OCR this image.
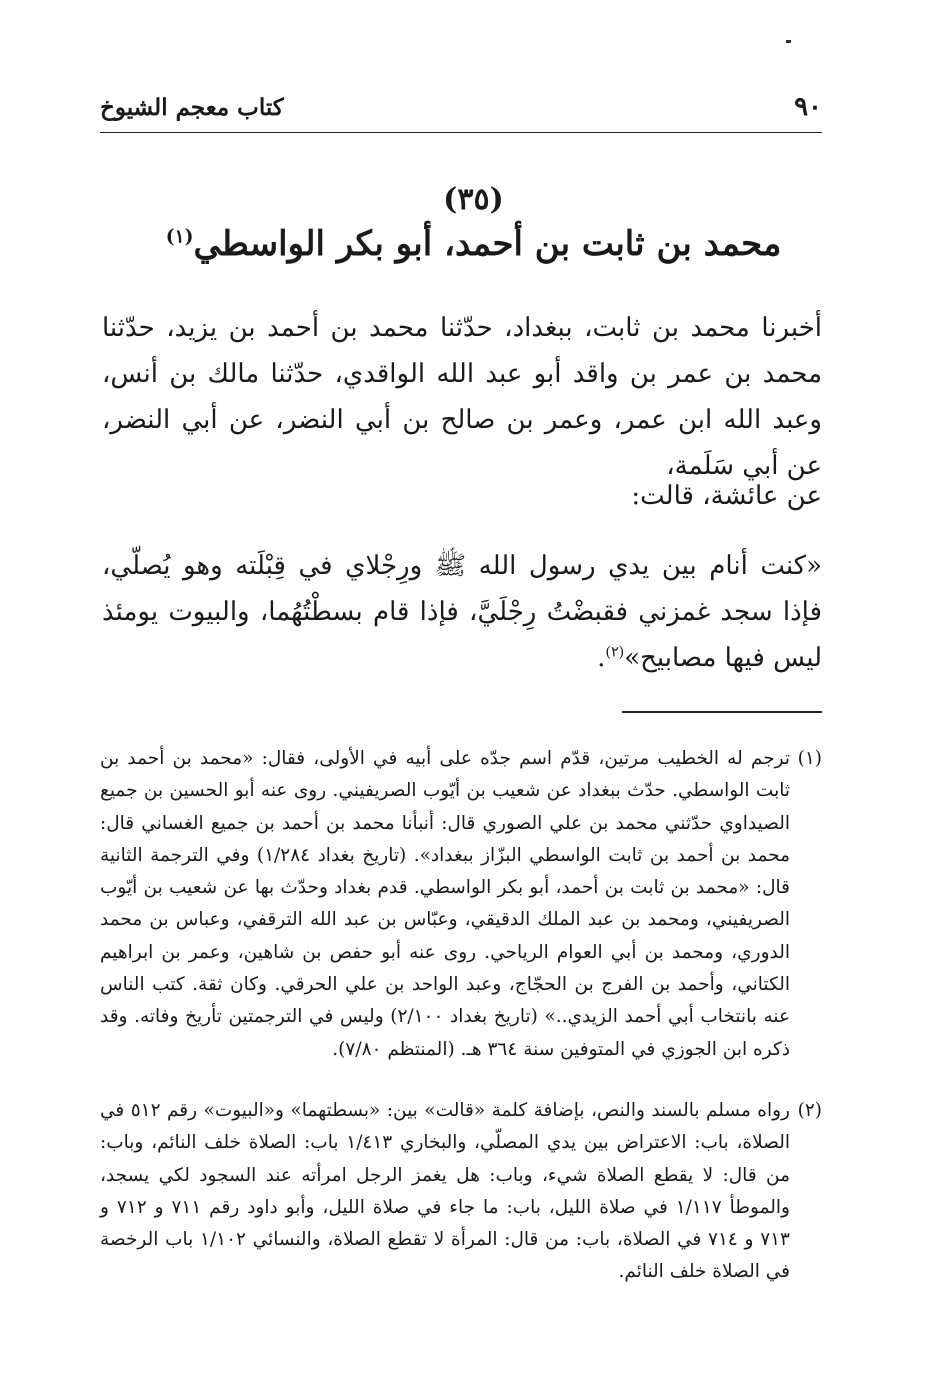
كتاب معجم الشيوخ	٩٠
(٣٥)
محمد بن ثابت بن أحمد، أبو بكر الواسطي$^{(١)}$

أخبرنا محمد بن ثابت، ببغداد، حدّثنا محمد بن أحمد بن يزيد، حدّثنا محمد بن عمر بن واقد أبو عبد الله الواقدي، حدّثنا مالك بن أنس، وعبد الله ابن عمر، وعمر بن صالح بن أبي النضر، عن أبي النضر، عن أبي سَلَمة،

عن عائشة، قالت:

«كنت أنام بين يدي رسول الله ﷺ ورِجْلاي في قِبْلَته وهو يُصلّي، فإذا سجد غمزني فقبضْتُ رِجْلَيَّ، فإذا قام بسطْتُهُما، والبيوت يومئذ ليس فيها مصابيح»$^{(٢)}$.

(١)
ترجم له الخطيب مرتين، قدّم اسم جدّه على أبيه في الأولى، فقال: «محمد بن أحمد بن ثابت الواسطي. حدّث ببغداد عن شعيب بن أيّوب الصريفيني. روى عنه أبو الحسين بن جميع الصيداوي حدّثني محمد بن علي الصوري قال: أنبأنا محمد بن أحمد بن جميع الغساني قال: محمد بن أحمد بن ثابت الواسطي البزّاز ببغداد». (تاريخ بغداد ١/٢٨٤) وفي الترجمة الثانية قال: «محمد بن ثابت بن أحمد، أبو بكر الواسطي. قدم بغداد وحدّث بها عن شعيب بن أيّوب الصريفيني، ومحمد بن عبد الملك الدقيقي، وعبّاس بن عبد الله الترقفي، وعباس بن محمد الدوري، ومحمد بن أبي العوام الرياحي. روى عنه أبو حفص بن شاهين، وعمر بن ابراهيم الكتاني، وأحمد بن الفرج بن الحجّاج، وعبد الواحد بن علي الحرقي. وكان ثقة. كتب الناس عنه بانتخاب أبي أحمد الزيدي..» (تاريخ بغداد ٢/١٠٠) وليس في الترجمتين تأريخ وفاته. وقد ذكره ابن الجوزي في المتوفين سنة ٣٦٤ هـ. (المنتظم ٧/٨٠).
(٢)
رواه مسلم بالسند والنص، بإضافة كلمة «قالت» بين: «بسطتهما» و«البيوت» رقم ٥١٢ في الصلاة، باب: الاعتراض بين يدي المصلّي، والبخاري ١/٤١٣ باب: الصلاة خلف النائم، وباب: من قال: لا يقطع الصلاة شيء، وباب: هل يغمز الرجل امرأته عند السجود لكي يسجد، والموطأ ١/١١٧ في صلاة الليل، باب: ما جاء في صلاة الليل، وأبو داود رقم ٧١١ و ٧١٢ و ٧١٣ و ٧١٤ في الصلاة، باب: من قال: المرأة لا تقطع الصلاة، والنسائي ١/١٠٢ باب الرخصة في الصلاة خلف النائم.
